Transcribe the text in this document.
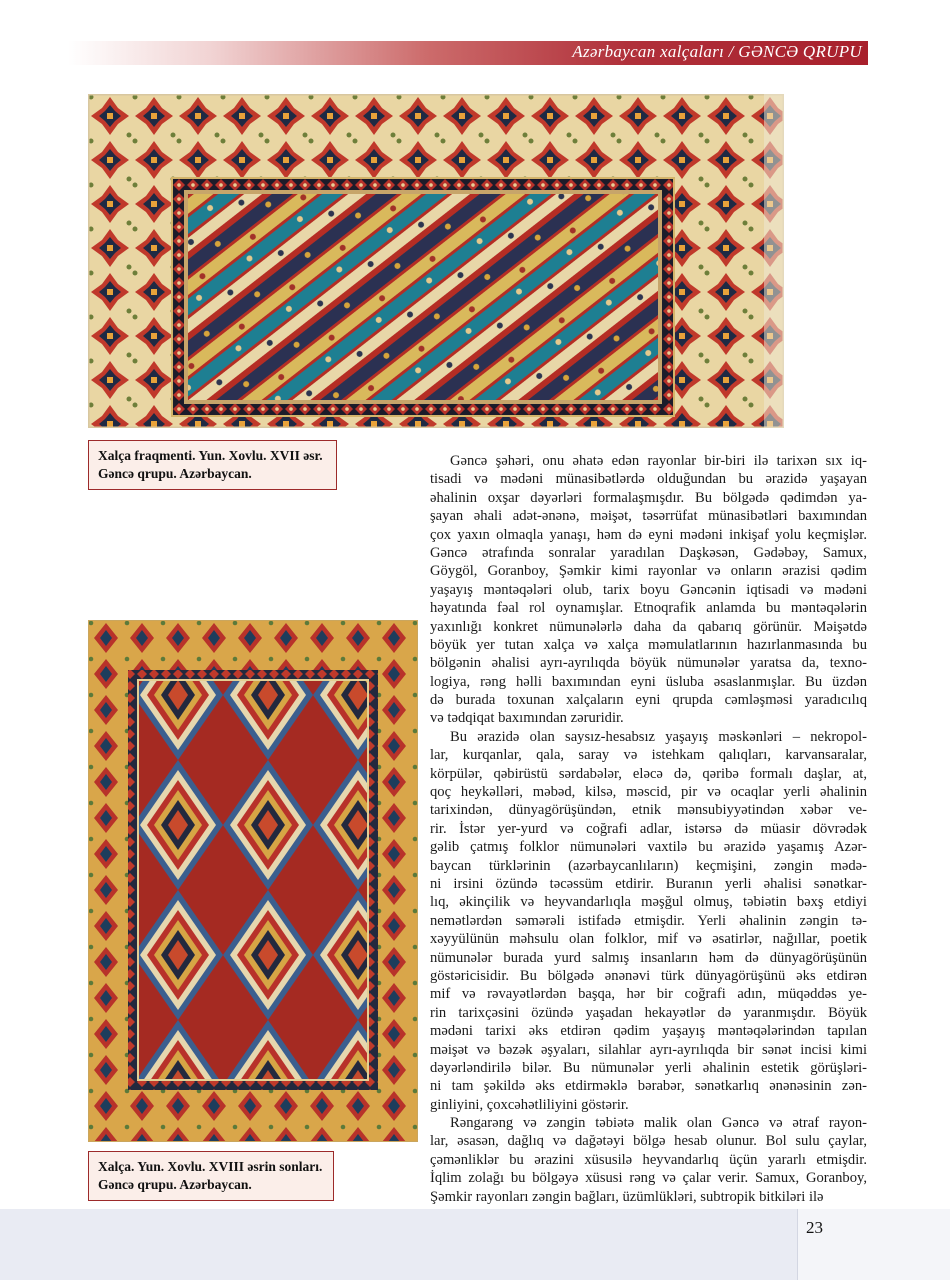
Azərbaycan xalçaları / GƏNCƏ QRUPU
Xalça fraqmenti. Yun. Xovlu. XVII əsr.
Gəncə qrupu. Azərbaycan.
Xalça. Yun. Xovlu. XVIII əsrin sonları.
Gəncə qrupu. Azərbaycan.
Gəncə şəhəri, onu əhatə edən rayonlar bir-biri ilə tarixən sıx iq-
tisadi və mədəni münasibətlərdə olduğundan bu ərazidə yaşayan
əhalinin oxşar dəyərləri formalaşmışdır. Bu bölgədə qədimdən ya-
şayan əhali adət-ənənə, məişət, təsərrüfat münasibətləri baxımından
çox yaxın olmaqla yanaşı, həm də eyni mədəni inkişaf yolu keçmişlər.
Gəncə ətrafında sonralar yaradılan Daşkəsən, Gədəbəy, Samux,
Göygöl, Goranboy, Şəmkir kimi rayonlar və onların ərazisi qədim
yaşayış məntəqələri olub, tarix boyu Gəncənin iqtisadi və mədəni
həyatında fəal rol oynamışlar. Etnoqrafik anlamda bu məntəqələrin
yaxınlığı konkret nümunələrlə daha da qabarıq görünür. Məişətdə
böyük yer tutan xalça və xalça məmulatlarının hazırlanmasında bu
bölgənin əhalisi ayrı-ayrılıqda böyük nümunələr yaratsa da, texno-
logiya, rəng həlli baxımından eyni üsluba əsaslanmışlar. Bu üzdən
də burada toxunan xalçaların eyni qrupda cəmləşməsi yaradıcılıq
və tədqiqat baxımından zəruridir.
Bu ərazidə olan saysız-hesabsız yaşayış məskənləri – nekropol-
lar, kurqanlar, qala, saray və istehkam qalıqları, karvansaralar,
körpülər, qəbirüstü sərdabələr, eləcə də, qəribə formalı daşlar, at,
qoç heykəlləri, məbəd, kilsə, məscid, pir və ocaqlar yerli əhalinin
tarixindən, dünyagörüşündən, etnik mənsubiyyətindən xəbər ve-
rir. İstər yer-yurd və coğrafi adlar, istərsə də müasir dövrədək
gəlib çatmış folklor nümunələri vaxtilə bu ərazidə yaşamış Azər-
baycan türklərinin (azərbaycanlıların) keçmişini, zəngin mədə-
ni irsini özündə təcəssüm etdirir. Buranın yerli əhalisi sənətkar-
lıq, əkinçilik və heyvandarlıqla məşğul olmuş, təbiətin bəxş etdiyi
nemətlərdən səmərəli istifadə etmişdir. Yerli əhalinin zəngin tə-
xəyyülünün məhsulu olan folklor, mif və əsatirlər, nağıllar, poetik
nümunələr burada yurd salmış insanların həm də dünyagörüşünün
göstəricisidir. Bu bölgədə ənənəvi türk dünyagörüşünü əks etdirən
mif və rəvayətlərdən başqa, hər bir coğrafi adın, müqəddəs ye-
rin tarixçəsini özündə yaşadan hekayətlər də yaranmışdır. Böyük
mədəni tarixi əks etdirən qədim yaşayış məntəqələrindən tapılan
məişət və bəzək əşyaları, silahlar ayrı-ayrılıqda bir sənət incisi kimi
dəyərləndirilə bilər. Bu nümunələr yerli əhalinin estetik görüşləri-
ni tam şəkildə əks etdirməklə bərabər, sənətkarlıq ənənəsinin zən-
ginliyini, çoxcəhətliliyini göstərir.
Rəngarəng və zəngin təbiətə malik olan Gəncə və ətraf rayon-
lar, əsasən, dağlıq və dağətəyi bölgə hesab olunur. Bol sulu çaylar,
çəmənliklər bu ərazini xüsusilə heyvandarlıq üçün yararlı etmişdir.
İqlim zolağı bu bölgəyə xüsusi rəng və çalar verir. Samux, Goranboy,
Şəmkir rayonları zəngin bağları, üzümlükləri, subtropik bitkiləri ilə
23
